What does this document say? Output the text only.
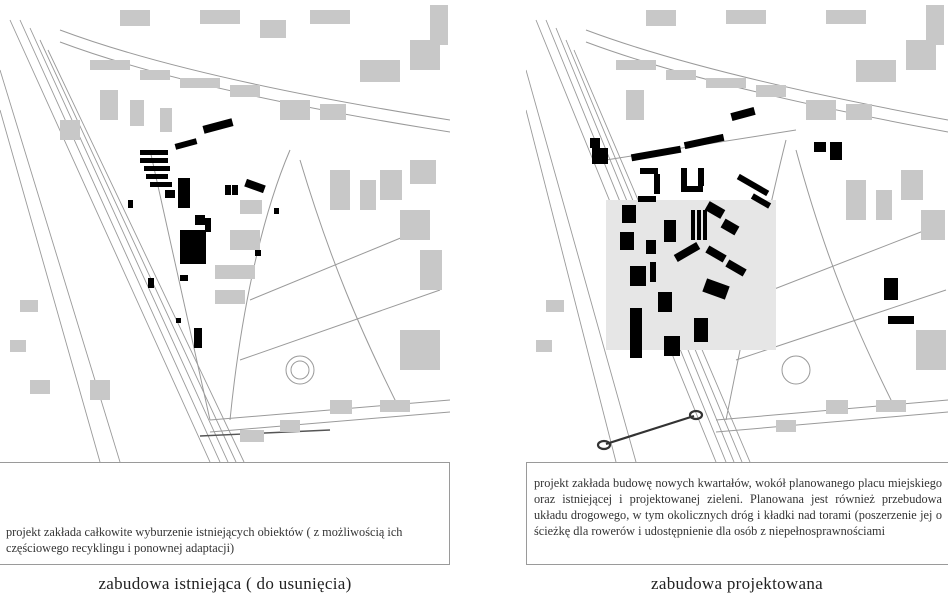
projekt zakłada całkowite wyburzenie istniejących obiektów ( z możliwością ich częściowego recyklingu i ponownej adaptacji)
zabudowa istniejąca ( do usunięcia)
projekt zakłada budowę nowych kwartałów, wokół planowanego placu miejskiego oraz istniejącej i projektowanej zieleni. Planowana jest również przebudowa układu drogowego, w tym okolicznych dróg i kładki nad torami (poszerzenie jej o ścieżkę dla rowerów i udostępnienie dla osób z niepełnosprawnościami
zabudowa projektowana
